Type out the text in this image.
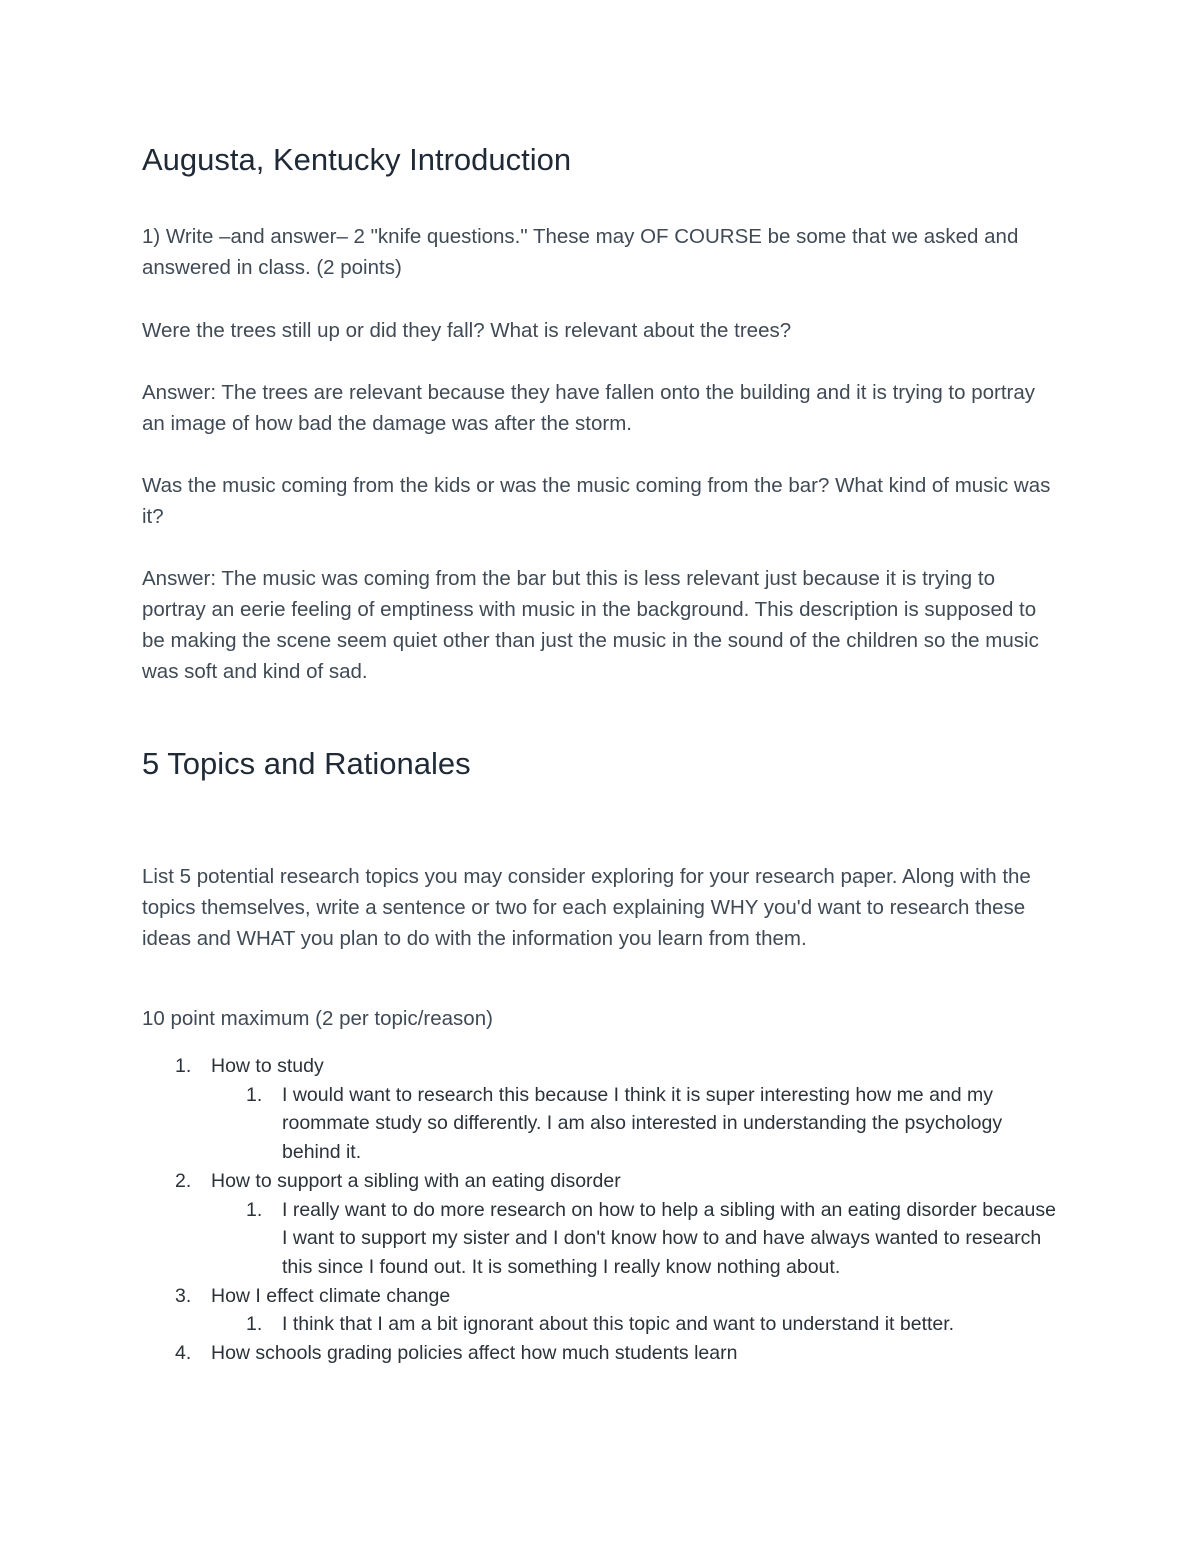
Augusta, Kentucky Introduction

1) Write –and answer– 2 "knife questions." These may OF COURSE be some that we asked and answered in class. (2 points)

Were the trees still up or did they fall? What is relevant about the trees?

Answer: The trees are relevant because they have fallen onto the building and it is trying to portray an image of how bad the damage was after the storm.

Was the music coming from the kids or was the music coming from the bar? What kind of music was it?

Answer: The music was coming from the bar but this is less relevant just because it is trying to portray an eerie feeling of emptiness with music in the background. This description is supposed to be making the scene seem quiet other than just the music in the sound of the children so the music was soft and kind of sad.

5 Topics and Rationales

List 5 potential research topics you may consider exploring for your research paper. Along with the topics themselves, write a sentence or two for each explaining WHY you'd want to research these ideas and WHAT you plan to do with the information you learn from them.

10 point maximum (2 per topic/reason)

1. How to study
1. I would want to research this because I think it is super interesting how me and my roommate study so differently. I am also interested in understanding the psychology behind it.
2. How to support a sibling with an eating disorder
1. I really want to do more research on how to help a sibling with an eating disorder because I want to support my sister and I don't know how to and have always wanted to research this since I found out. It is something I really know nothing about.
3. How I effect climate change
1. I think that I am a bit ignorant about this topic and want to understand it better.
4. How schools grading policies affect how much students learn
